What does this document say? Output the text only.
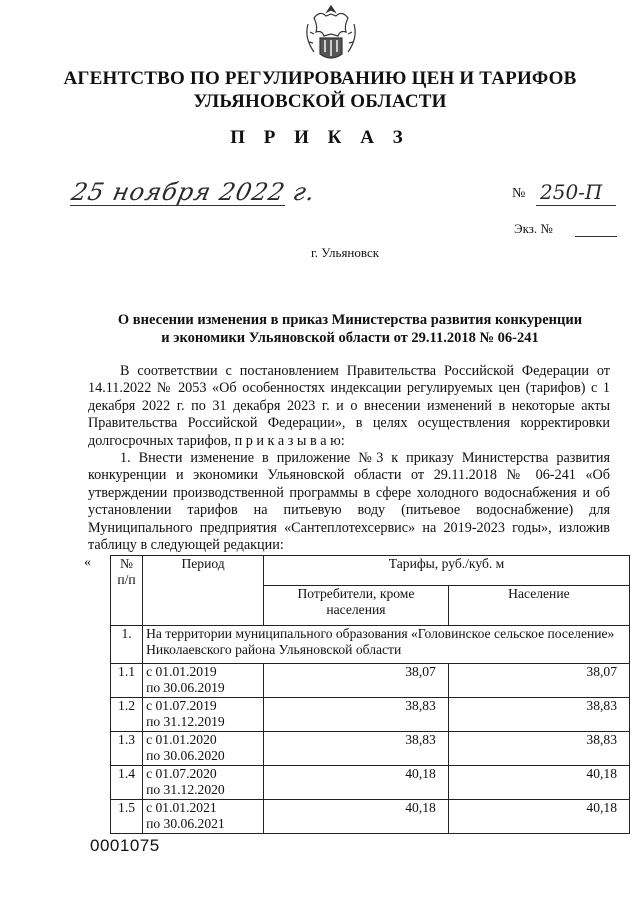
АГЕНТСТВО ПО РЕГУЛИРОВАНИЮ ЦЕН И ТАРИФОВ
УЛЬЯНОВСКОЙ ОБЛАСТИ
П Р И К А З
25 ноября 2022 г.	№ 250-П
Экз. №
г. Ульяновск
О внесении изменения в приказ Министерства развития конкуренции
и экономики Ульяновской области от 29.11.2018 № 06-241

В соответствии с постановлением Правительства Российской Федерации от 14.11.2022 № 2053 «Об особенностях индексации регулируемых цен (тарифов) с 1 декабря 2022 г. по 31 декабря 2023 г. и о внесении изменений в некоторые акты Правительства Российской Федерации», в целях осуществления корректировки долгосрочных тарифов, п р и к а з ы в а ю:

1. Внести изменение в приложение №3 к приказу Министерства развития конкуренции и экономики Ульяновской области от 29.11.2018 № 06-241 «Об утверждении производственной программы в сфере холодного водоснабжения и об установлении тарифов на питьевую воду (питьевое водоснабжение) для Муниципального предприятия «Сантеплотехсервис» на 2019-2023 годы», изложив таблицу в следующей редакции:

« № п/п	Период	Тарифы, руб./куб. м	
		Потребители, кроме населения	Население
1.	На территории муниципального образования «Головинское сельское поселение» Николаевского района Ульяновской области		
1.1	с 01.01.2019
по 30.06.2019	38,07	38,07
1.2	с 01.07.2019
по 31.12.2019	38,83	38,83
1.3	с 01.01.2020
по 30.06.2020	38,83	38,83
1.4	с 01.07.2020
по 31.12.2020	40,18	40,18
1.5	с 01.01.2021
по 30.06.2021	40,18	40,18
0001075
